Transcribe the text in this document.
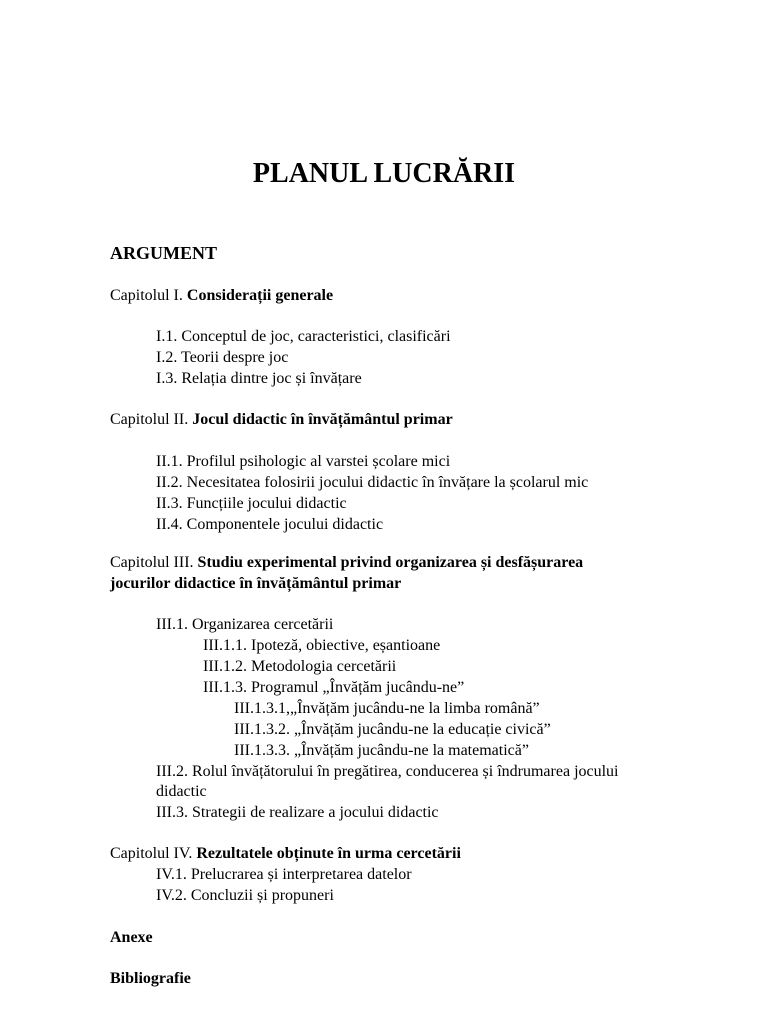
PLANUL LUCRĂRII
ARGUMENT
Capitolul I. Considerații generale
I.1. Conceptul de joc, caracteristici, clasificări
I.2. Teorii despre joc
I.3. Relația dintre joc și învățare
Capitolul II. Jocul didactic în învățământul primar
II.1. Profilul psihologic al varstei școlare mici
II.2. Necesitatea folosirii jocului didactic în învățare la școlarul mic
II.3. Funcțiile jocului didactic
II.4. Componentele jocului didactic
Capitolul III. Studiu experimental privind organizarea și desfășurarea
jocurilor didactice în învățământul primar
III.1. Organizarea cercetării
III.1.1. Ipoteză, obiective, eșantioane
III.1.2. Metodologia cercetării
III.1.3. Programul „Învățăm jucându-ne”
III.1.3.1,„Învățăm jucându-ne la limba română”
III.1.3.2. „Învățăm jucându-ne la educație civică”
III.1.3.3. „Învățăm jucându-ne la matematică”
III.2. Rolul învățătorului în pregătirea, conducerea și îndrumarea jocului
didactic
III.3. Strategii de realizare a jocului didactic
Capitolul IV. Rezultatele obținute în urma cercetării
IV.1. Prelucrarea și interpretarea datelor
IV.2. Concluzii și propuneri
Anexe
Bibliografie
